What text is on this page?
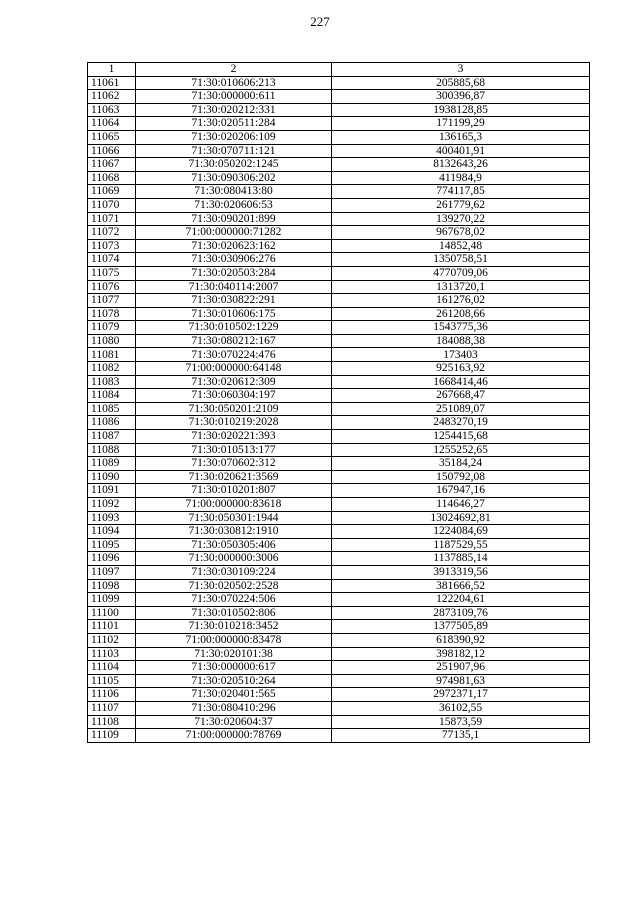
227
1	2	3
11061	71:30:010606:213	205885,68
11062	71:30:000000:611	300396,87
11063	71:30:020212:331	1938128,85
11064	71:30:020511:284	171199,29
11065	71:30:020206:109	136165,3
11066	71:30:070711:121	400401,91
11067	71:30:050202:1245	8132643,26
11068	71:30:090306:202	411984,9
11069	71:30:080413:80	774117,85
11070	71:30:020606:53	261779,62
11071	71:30:090201:899	139270,22
11072	71:00:000000:71282	967678,02
11073	71:30:020623:162	14852,48
11074	71:30:030906:276	1350758,51
11075	71:30:020503:284	4770709,06
11076	71:30:040114:2007	1313720,1
11077	71:30:030822:291	161276,02
11078	71:30:010606:175	261208,66
11079	71:30:010502:1229	1543775,36
11080	71:30:080212:167	184088,38
11081	71:30:070224:476	173403
11082	71:00:000000:64148	925163,92
11083	71:30:020612:309	1668414,46
11084	71:30:060304:197	267668,47
11085	71:30:050201:2109	251089,07
11086	71:30:010219:2028	2483270,19
11087	71:30:020221:393	1254415,68
11088	71:30:010513:177	1255252,65
11089	71:30:070602:312	35184,24
11090	71:30:020621:3569	150792,08
11091	71:30:010201:807	167947,16
11092	71:00:000000:83618	114646,27
11093	71:30:050301:1944	13024692,81
11094	71:30:030812:1910	1224084,69
11095	71:30:050305:406	1187529,55
11096	71:30:000000:3006	1137885,14
11097	71:30:030109:224	3913319,56
11098	71:30:020502:2528	381666,52
11099	71:30:070224:506	122204,61
11100	71:30:010502:806	2873109,76
11101	71:30:010218:3452	1377505,89
11102	71:00:000000:83478	618390,92
11103	71:30:020101:38	398182,12
11104	71:30:000000:617	251907,96
11105	71:30:020510:264	974981,63
11106	71:30:020401:565	2972371,17
11107	71:30:080410:296	36102,55
11108	71:30:020604:37	15873,59
11109	71:00:000000:78769	77135,1
